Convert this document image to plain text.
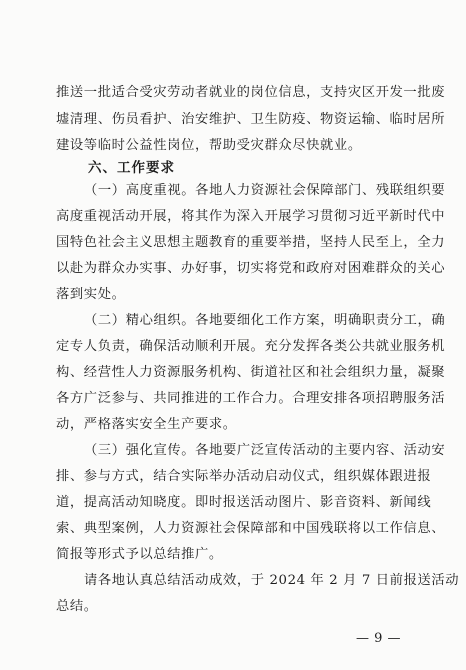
推送一批适合受灾劳动者就业的岗位信息，支持灾区开发一批废
墟清理、伤员看护、治安维护、卫生防疫、物资运输、临时居所
建设等临时公益性岗位，帮助受灾群众尽快就业。
六、工作要求
（一）高度重视。各地人力资源社会保障部门、残联组织要
高度重视活动开展，将其作为深入开展学习贯彻习近平新时代中
国特色社会主义思想主题教育的重要举措，坚持人民至上，全力
以赴为群众办实事、办好事，切实将党和政府对困难群众的关心
落到实处。
（二）精心组织。各地要细化工作方案，明确职责分工，确
定专人负责，确保活动顺利开展。充分发挥各类公共就业服务机
构、经营性人力资源服务机构、街道社区和社会组织力量，凝聚
各方广泛参与、共同推进的工作合力。合理安排各项招聘服务活
动，严格落实安全生产要求。
（三）强化宣传。各地要广泛宣传活动的主要内容、活动安
排、参与方式，结合实际举办活动启动仪式，组织媒体跟进报
道，提高活动知晓度。即时报送活动图片、影音资料、新闻线
索、典型案例，人力资源社会保障部和中国残联将以工作信息、
简报等形式予以总结推广。
请各地认真总结活动成效，于 2024 年 2 月 7 日前报送活动
总结。
— 9 —
